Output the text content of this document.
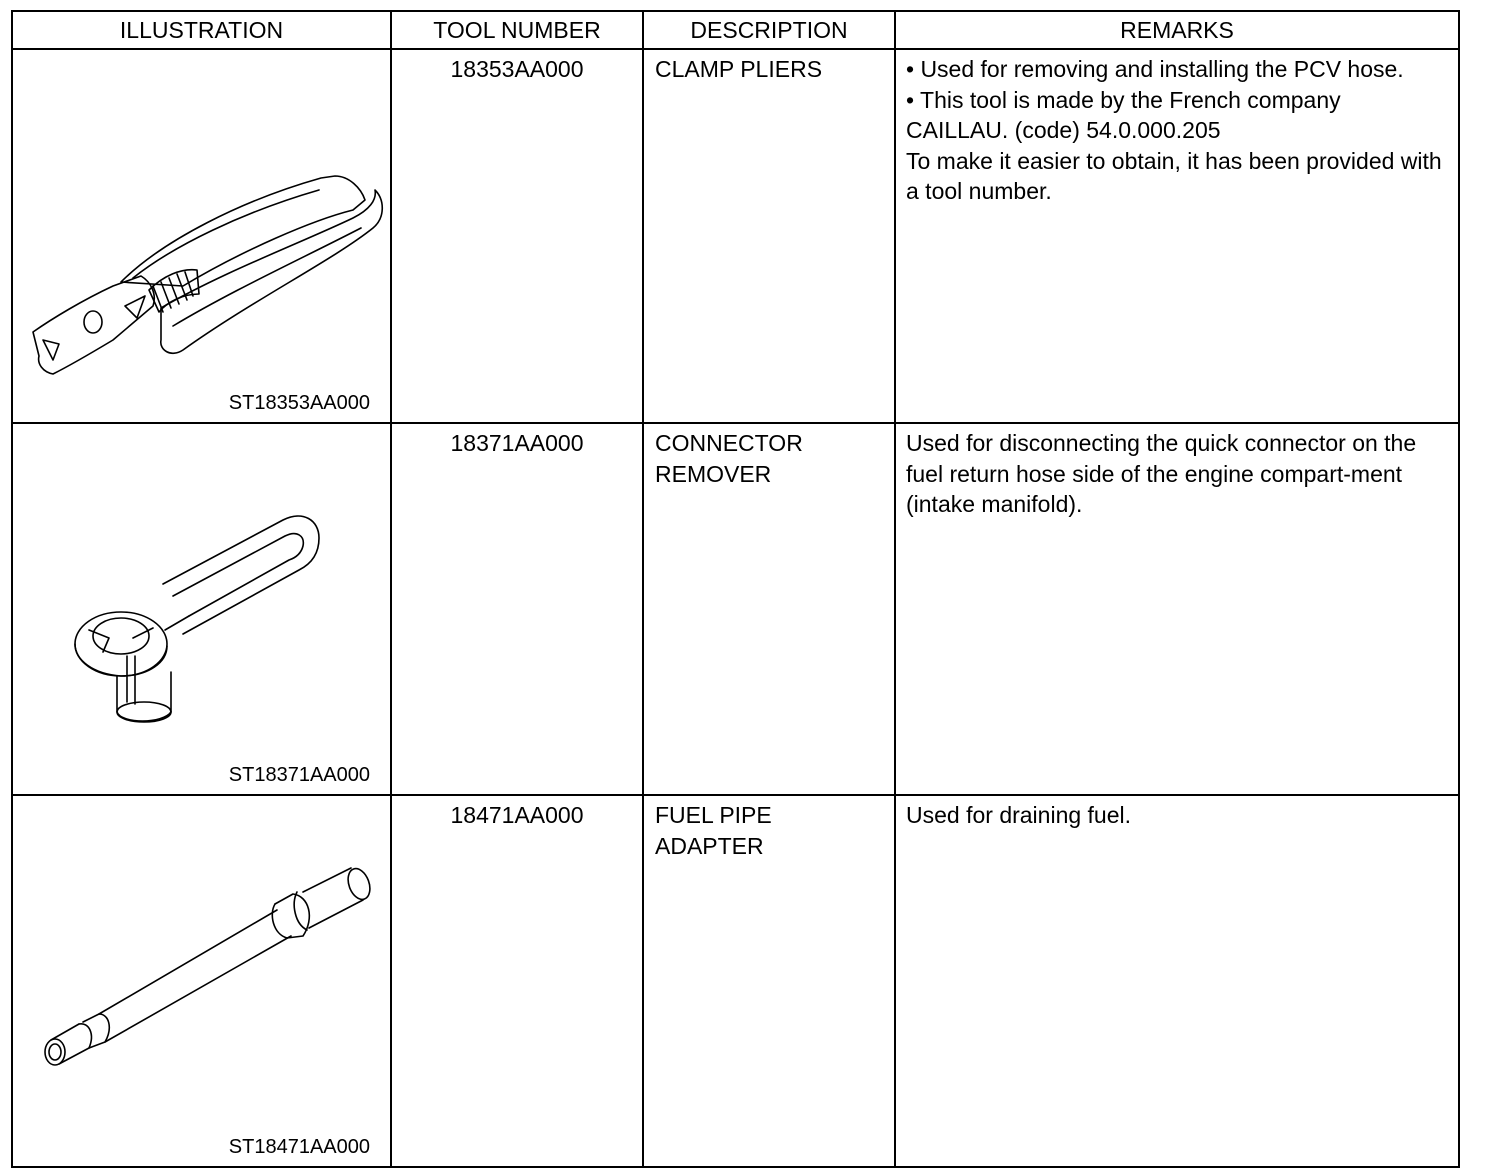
ILLUSTRATION	TOOL NUMBER	DESCRIPTION	REMARKS

ST18353AA000	18353AA000	CLAMP PLIERS	• Used for removing and installing the PCV hose.

• This tool is made by the French company CAILLAU. (code) 54.0.000.205

To make it easier to obtain, it has been provided with a tool number.

ST18371AA000	18371AA000	CONNECTOR REMOVER	Used for disconnecting the quick connector on the fuel return hose side of the engine compart-ment (intake manifold).

ST18471AA000	18471AA000	FUEL PIPE ADAPTER	Used for draining fuel.
